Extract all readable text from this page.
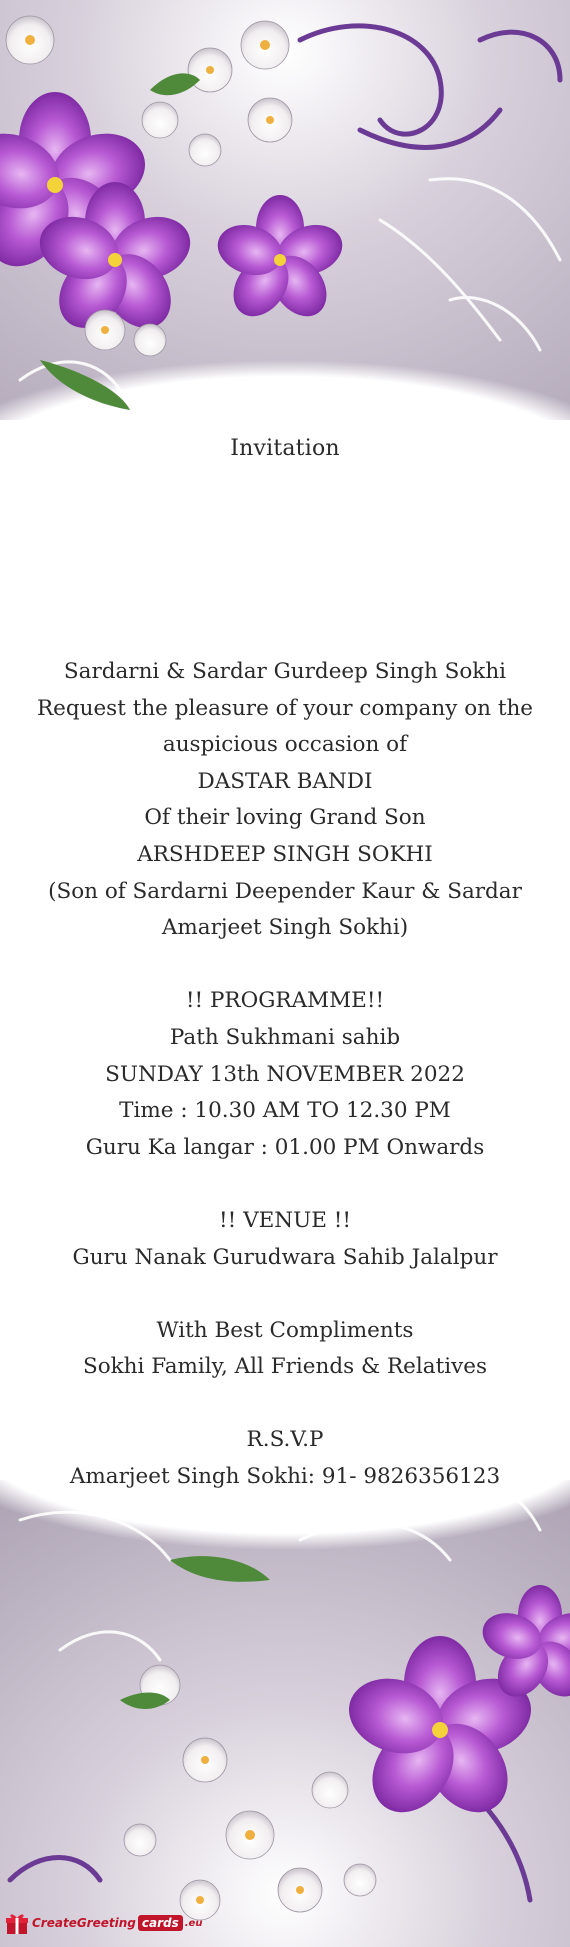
Invitation
Sardarni & Sardar Gurdeep Singh Sokhi
Request the pleasure of your company on the
auspicious occasion of
DASTAR BANDI
Of their loving Grand Son
ARSHDEEP SINGH SOKHI
(Son of Sardarni Deepender Kaur & Sardar
Amarjeet Singh Sokhi)
!! PROGRAMME!!
Path Sukhmani sahib
SUNDAY 13th NOVEMBER 2022
Time : 10.30 AM TO 12.30 PM
Guru Ka langar : 01.00 PM Onwards
!! VENUE !!
Guru Nanak Gurudwara Sahib Jalalpur
With Best Compliments
Sokhi Family, All Friends & Relatives
R.S.V.P
Amarjeet Singh Sokhi: 91- 9826356123
CreateGreeting cards .eu
